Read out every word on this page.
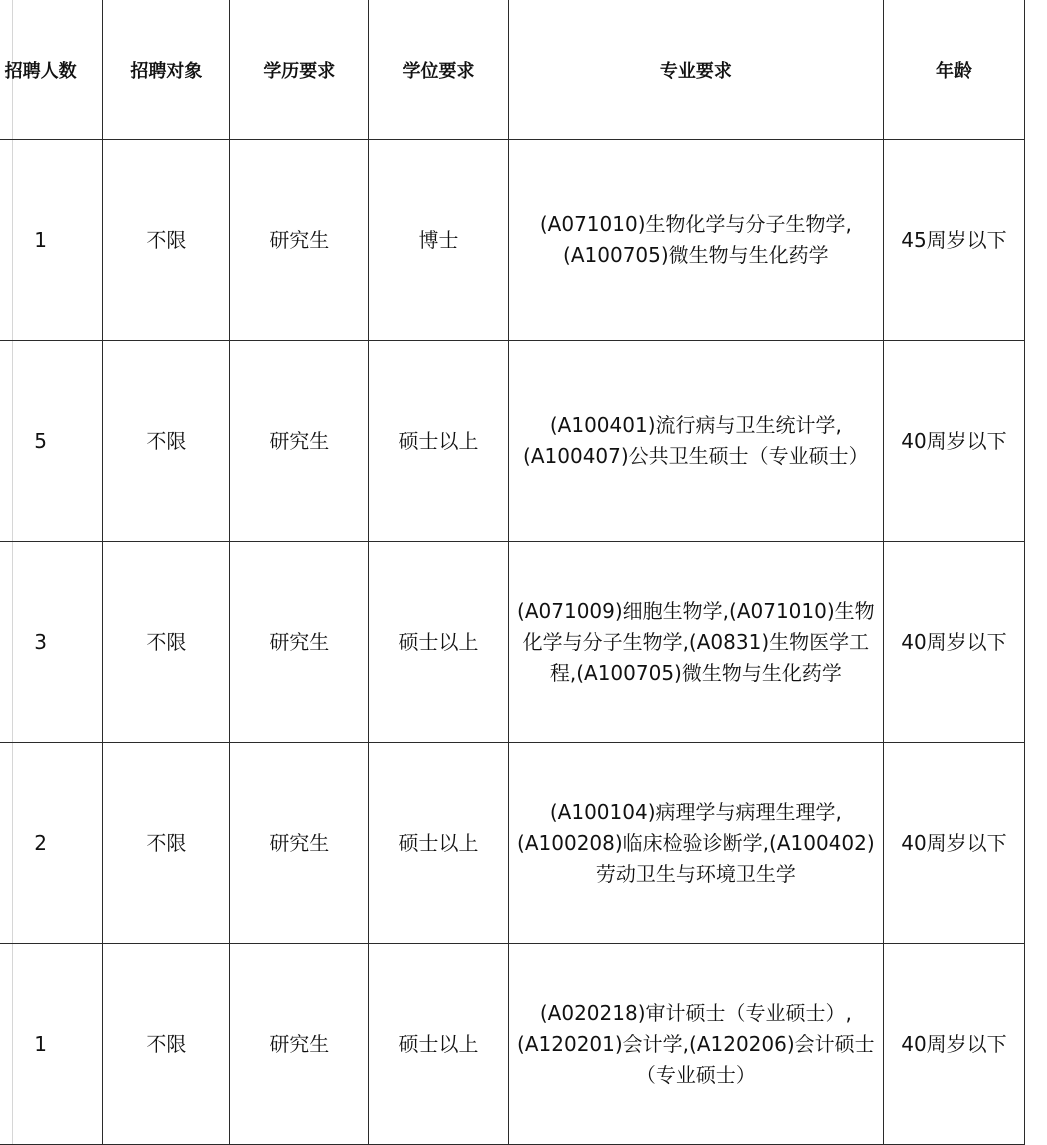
招聘人数	招聘对象	学历要求	学位要求	专业要求	年龄
1	不限	研究生	博士	(A071010)生物化学与分子生物学,(A100705)微生物与生化药学	45周岁以下
5	不限	研究生	硕士以上	(A100401)流行病与卫生统计学,(A100407)公共卫生硕士（专业硕士）	40周岁以下
3	不限	研究生	硕士以上	(A071009)细胞生物学,(A071010)生物化学与分子生物学,(A0831)生物医学工程,(A100705)微生物与生化药学	40周岁以下
2	不限	研究生	硕士以上	(A100104)病理学与病理生理学,(A100208)临床检验诊断学,(A100402)劳动卫生与环境卫生学	40周岁以下
1	不限	研究生	硕士以上	(A020218)审计硕士（专业硕士）,(A120201)会计学,(A120206)会计硕士（专业硕士）	40周岁以下
